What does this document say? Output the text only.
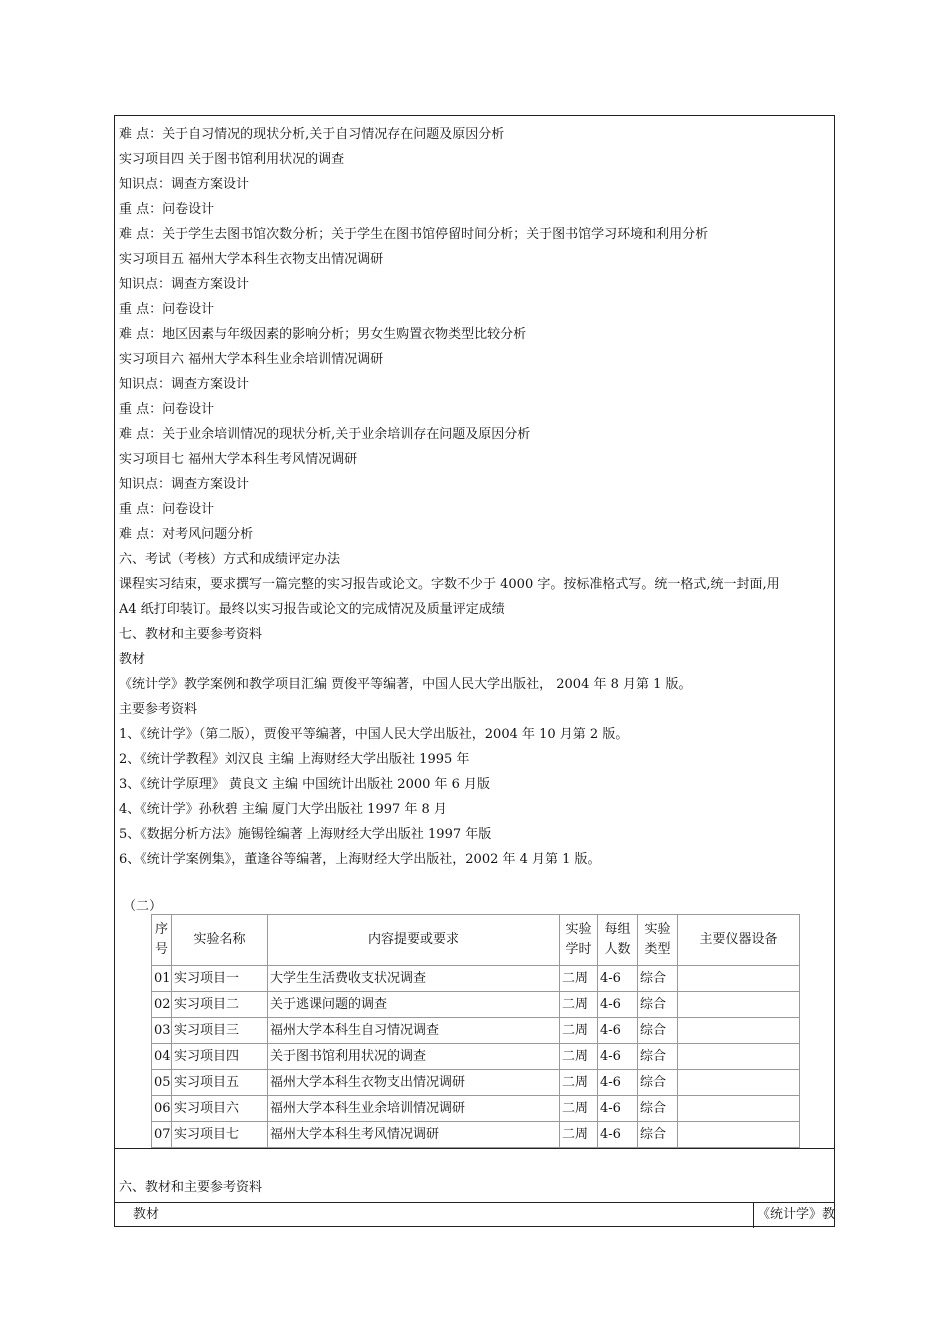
难 点：关于自习情况的现状分析,关于自习情况存在问题及原因分析
实习项目四 关于图书馆利用状况的调查
知识点：调查方案设计
重 点：问卷设计
难 点：关于学生去图书馆次数分析；关于学生在图书馆停留时间分析；关于图书馆学习环境和利用分析
实习项目五 福州大学本科生衣物支出情况调研
知识点：调查方案设计
重 点：问卷设计
难 点：地区因素与年级因素的影响分析；男女生购置衣物类型比较分析
实习项目六 福州大学本科生业余培训情况调研
知识点：调查方案设计
重 点：问卷设计
难 点：关于业余培训情况的现状分析,关于业余培训存在问题及原因分析
实习项目七 福州大学本科生考风情况调研
知识点：调查方案设计
重 点：问卷设计
难 点：对考风问题分析
六、考试（考核）方式和成绩评定办法
课程实习结束，要求撰写一篇完整的实习报告或论文。字数不少于 4000 字。按标准格式写。统一格式,统一封面,用
A4 纸打印装订。最终以实习报告或论文的完成情况及质量评定成绩
七、教材和主要参考资料
教材
《统计学》教学案例和教学项目汇编 贾俊平等编著，中国人民大学出版社， 2004 年 8 月第 1 版。
主要参考资料
1、《统计学》（第二版），贾俊平等编著，中国人民大学出版社，2004 年 10 月第 2 版。
2、《统计学教程》刘汉良 主编 上海财经大学出版社 1995 年
3、《统计学原理》 黄良文 主编 中国统计出版社 2000 年 6 月版
4、《统计学》孙秋碧 主编 厦门大学出版社 1997 年 8 月
5、《数据分析方法》施锡铨编著 上海财经大学出版社 1997 年版
6、《统计学案例集》，董逢谷等编著，上海财经大学出版社，2002 年 4 月第 1 版。
（二）
序号	实验名称	内容提要或要求	实验学时	每组人数	实验类型	主要仪器设备
01	实习项目一	大学生生活费收支状况调查	二周	4-6	综合	
02	实习项目二	关于逃课问题的调查	二周	4-6	综合	
03	实习项目三	福州大学本科生自习情况调查	二周	4-6	综合	
04	实习项目四	关于图书馆利用状况的调查	二周	4-6	综合	
05	实习项目五	福州大学本科生衣物支出情况调研	二周	4-6	综合	
06	实习项目六	福州大学本科生业余培训情况调研	二周	4-6	综合	
07	实习项目七	福州大学本科生考风情况调研	二周	4-6	综合	
六、教材和主要参考资料
教材	《统计学》教
